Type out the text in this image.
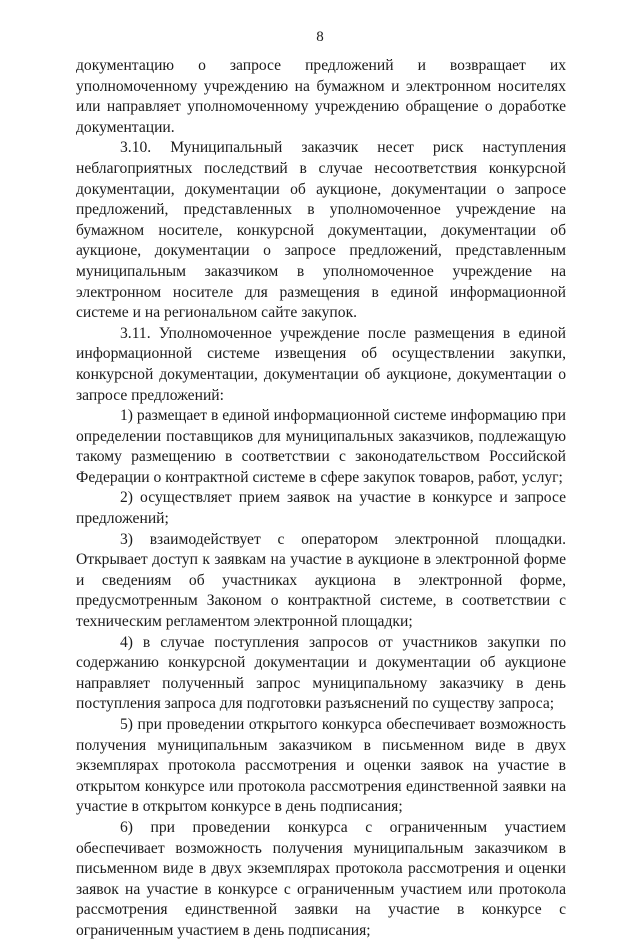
8

документацию о запросе предложений и возвращает их уполномоченному учреждению на бумажном и электронном носителях или направляет уполномоченному учреждению обращение о доработке документации.

3.10. Муниципальный заказчик несет риск наступления неблагоприятных последствий в случае несоответствия конкурсной документации, документации об аукционе, документации о запросе предложений, представленных в уполномоченное учреждение на бумажном носителе, конкурсной документации, документации об аукционе, документации о запросе предложений, представленным муниципальным заказчиком в уполномоченное учреждение на электронном носителе для размещения в единой информационной системе и на региональном сайте закупок.

3.11. Уполномоченное учреждение после размещения в единой информационной системе извещения об осуществлении закупки, конкурсной документации, документации об аукционе, документации о запросе предложений:

1) размещает в единой информационной системе информацию при определении поставщиков для муниципальных заказчиков, подлежащую такому размещению в соответствии с законодательством Российской Федерации о контрактной системе в сфере закупок товаров, работ, услуг;

2) осуществляет прием заявок на участие в конкурсе и запросе предложений;

3) взаимодействует с оператором электронной площадки. Открывает доступ к заявкам на участие в аукционе в электронной форме и сведениям об участниках аукциона в электронной форме, предусмотренным Законом о контрактной системе, в соответствии с техническим регламентом электронной площадки;

4) в случае поступления запросов от участников закупки по содержанию конкурсной документации и документации об аукционе направляет полученный запрос муниципальному заказчику в день поступления запроса для подготовки разъяснений по существу запроса;

5) при проведении открытого конкурса обеспечивает возможность получения муниципальным заказчиком в письменном виде в двух экземплярах протокола рассмотрения и оценки заявок на участие в открытом конкурсе или протокола рассмотрения единственной заявки на участие в открытом конкурсе в день подписания;

6) при проведении конкурса с ограниченным участием обеспечивает возможность получения муниципальным заказчиком в письменном виде в двух экземплярах протокола рассмотрения и оценки заявок на участие в конкурсе с ограниченным участием или протокола рассмотрения единственной заявки на участие в конкурсе с ограниченным участием в день подписания;
